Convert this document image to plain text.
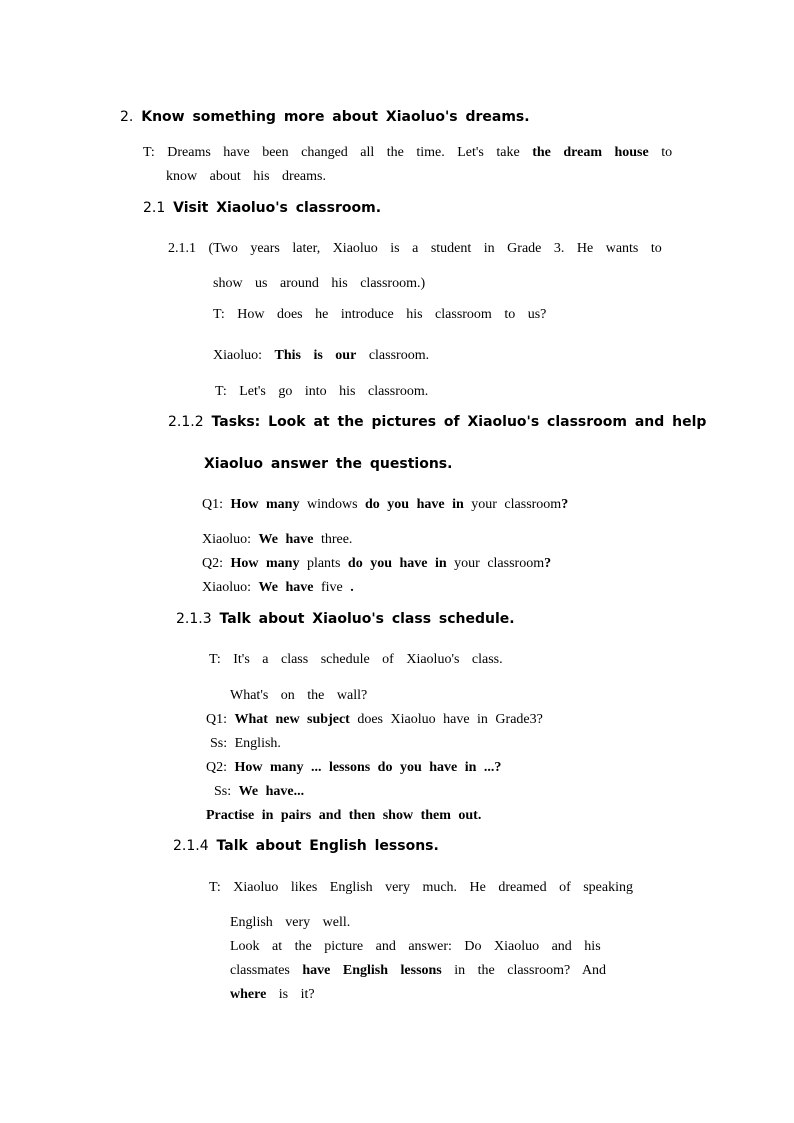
2. Know something more about Xiaoluo's dreams.
T: Dreams have been changed all the time. Let's take the dream house to
know about his dreams.
2.1 Visit Xiaoluo's classroom.
2.1.1 (Two years later, Xiaoluo is a student in Grade 3. He wants to
show us around his classroom.)
T: How does he introduce his classroom to us?
Xiaoluo: This is our classroom.
T: Let's go into his classroom.
2.1.2 Tasks: Look at the pictures of Xiaoluo's classroom and help
Xiaoluo answer the questions.
Q1: How many windows do you have in your classroom?
Xiaoluo: We have three.
Q2: How many plants do you have in your classroom?
Xiaoluo: We have five .
2.1.3 Talk about Xiaoluo's class schedule.
T: It's a class schedule of Xiaoluo's class.
What's on the wall?
Q1: What new subject does Xiaoluo have in Grade3?
Ss: English.
Q2: How many ... lessons do you have in ...?
Ss: We have...
Practise in pairs and then show them out.
2.1.4 Talk about English lessons.
T: Xiaoluo likes English very much. He dreamed of speaking
English very well.
Look at the picture and answer: Do Xiaoluo and his
classmates have English lessons in the classroom? And
where is it?
